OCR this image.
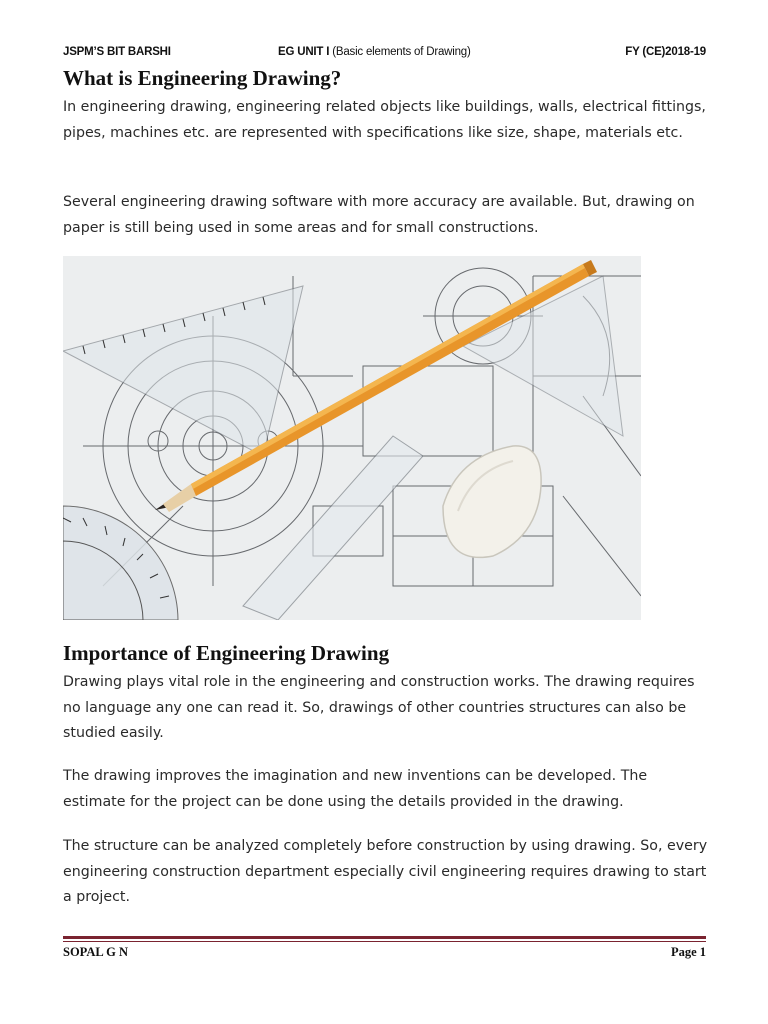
JSPM’S BIT BARSHI	EG UNIT I (Basic elements of Drawing)	FY (CE)2018-19
What is Engineering Drawing?

In engineering drawing, engineering related objects like buildings, walls, electrical fittings, pipes, machines etc. are represented with specifications like size, shape, materials etc.

Several engineering drawing software with more accuracy are available. But, drawing on paper is still being used in some areas and for small constructions.

Importance of Engineering Drawing

Drawing plays vital role in the engineering and construction works. The drawing requires no language any one can read it. So, drawings of other countries structures can also be studied easily.

The drawing improves the imagination and new inventions can be developed. The estimate for the project can be done using the details provided in the drawing.

The structure can be analyzed completely before construction by using drawing. So, every engineering construction department especially civil engineering requires drawing to start a project.

SOPAL G N	Page 1
